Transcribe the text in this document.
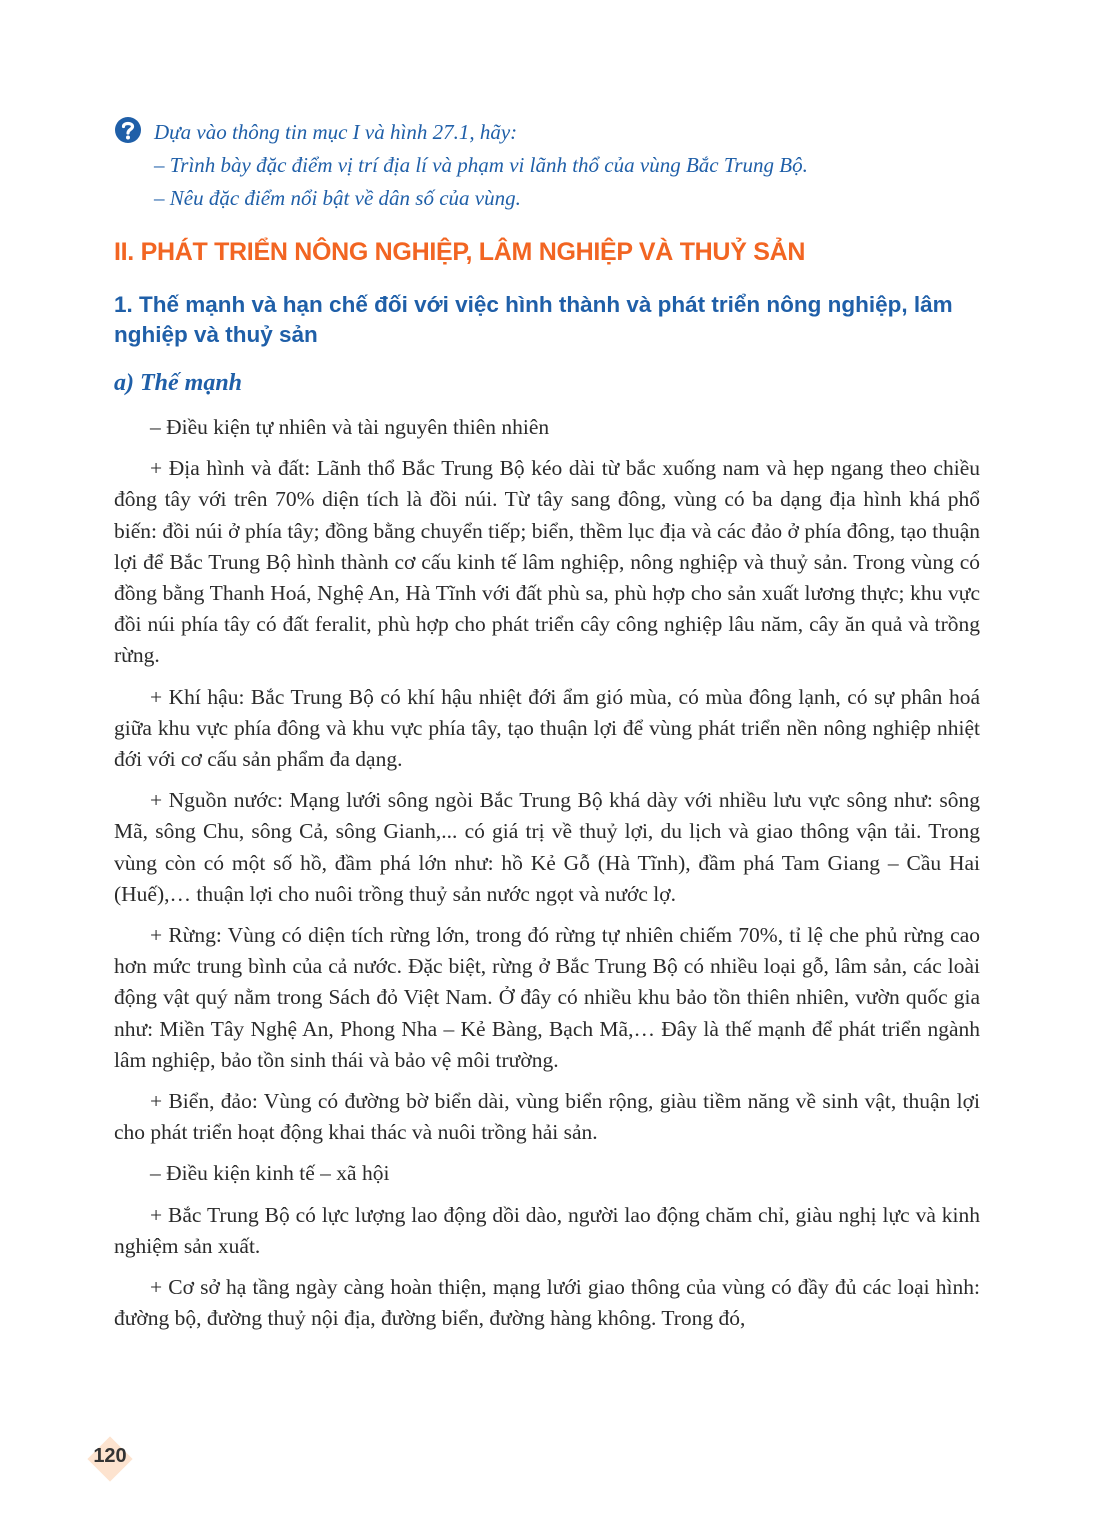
Dựa vào thông tin mục I và hình 27.1, hãy:
– Trình bày đặc điểm vị trí địa lí và phạm vi lãnh thổ của vùng Bắc Trung Bộ.
– Nêu đặc điểm nổi bật về dân số của vùng.
II. PHÁT TRIỂN NÔNG NGHIỆP, LÂM NGHIỆP VÀ THUỶ SẢN
1. Thế mạnh và hạn chế đối với việc hình thành và phát triển nông nghiệp, lâm nghiệp và thuỷ sản
a) Thế mạnh

– Điều kiện tự nhiên và tài nguyên thiên nhiên

+ Địa hình và đất: Lãnh thổ Bắc Trung Bộ kéo dài từ bắc xuống nam và hẹp ngang theo chiều đông tây với trên 70% diện tích là đồi núi. Từ tây sang đông, vùng có ba dạng địa hình khá phổ biến: đồi núi ở phía tây; đồng bằng chuyển tiếp; biển, thềm lục địa và các đảo ở phía đông, tạo thuận lợi để Bắc Trung Bộ hình thành cơ cấu kinh tế lâm nghiệp, nông nghiệp và thuỷ sản. Trong vùng có đồng bằng Thanh Hoá, Nghệ An, Hà Tĩnh với đất phù sa, phù hợp cho sản xuất lương thực; khu vực đồi núi phía tây có đất feralit, phù hợp cho phát triển cây công nghiệp lâu năm, cây ăn quả và trồng rừng.

+ Khí hậu: Bắc Trung Bộ có khí hậu nhiệt đới ẩm gió mùa, có mùa đông lạnh, có sự phân hoá giữa khu vực phía đông và khu vực phía tây, tạo thuận lợi để vùng phát triển nền nông nghiệp nhiệt đới với cơ cấu sản phẩm đa dạng.

+ Nguồn nước: Mạng lưới sông ngòi Bắc Trung Bộ khá dày với nhiều lưu vực sông như: sông Mã, sông Chu, sông Cả, sông Gianh,... có giá trị về thuỷ lợi, du lịch và giao thông vận tải. Trong vùng còn có một số hồ, đầm phá lớn như: hồ Kẻ Gỗ (Hà Tĩnh), đầm phá Tam Giang – Cầu Hai (Huế),… thuận lợi cho nuôi trồng thuỷ sản nước ngọt và nước lợ.

+ Rừng: Vùng có diện tích rừng lớn, trong đó rừng tự nhiên chiếm 70%, tỉ lệ che phủ rừng cao hơn mức trung bình của cả nước. Đặc biệt, rừng ở Bắc Trung Bộ có nhiều loại gỗ, lâm sản, các loài động vật quý nằm trong Sách đỏ Việt Nam. Ở đây có nhiều khu bảo tồn thiên nhiên, vườn quốc gia như: Miền Tây Nghệ An, Phong Nha – Kẻ Bàng, Bạch Mã,… Đây là thế mạnh để phát triển ngành lâm nghiệp, bảo tồn sinh thái và bảo vệ môi trường.

+ Biển, đảo: Vùng có đường bờ biển dài, vùng biển rộng, giàu tiềm năng về sinh vật, thuận lợi cho phát triển hoạt động khai thác và nuôi trồng hải sản.

– Điều kiện kinh tế – xã hội

+ Bắc Trung Bộ có lực lượng lao động dồi dào, người lao động chăm chỉ, giàu nghị lực và kinh nghiệm sản xuất.

+ Cơ sở hạ tầng ngày càng hoàn thiện, mạng lưới giao thông của vùng có đầy đủ các loại hình: đường bộ, đường thuỷ nội địa, đường biển, đường hàng không. Trong đó,

120
